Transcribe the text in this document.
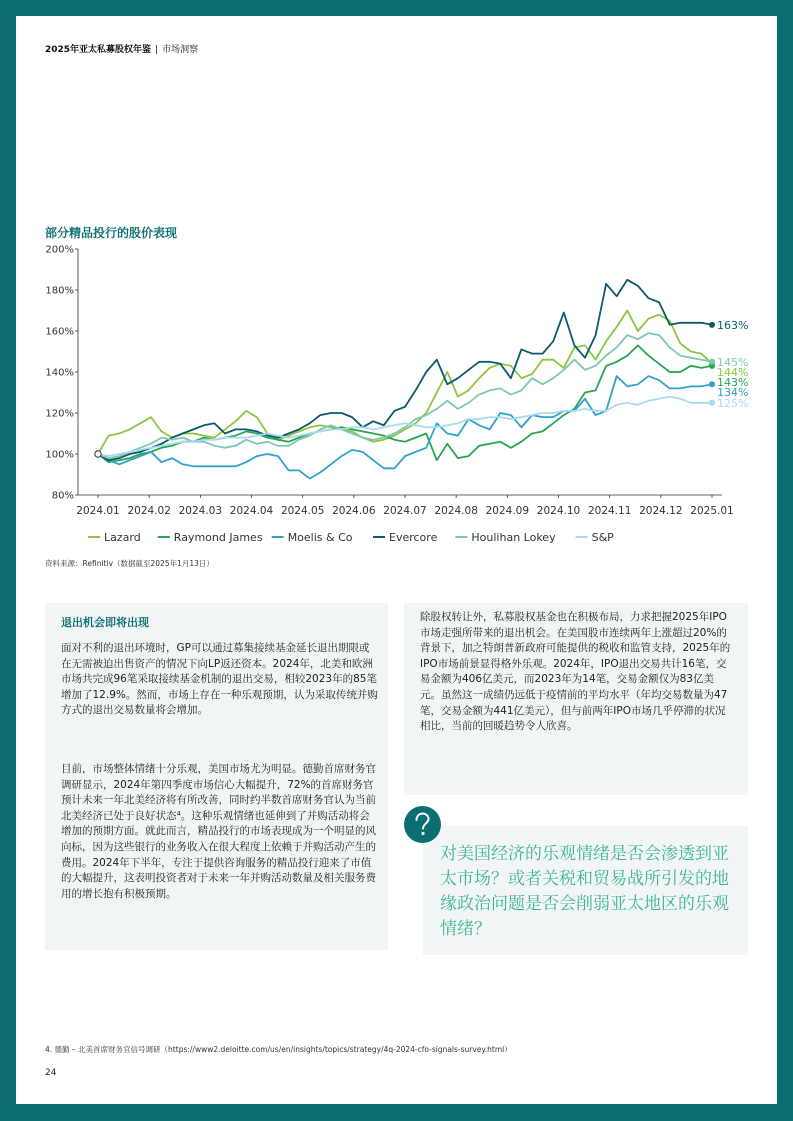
2025年亚太私募股权年鉴 | 市场洞察
部分精品投行的股价表现
80%
100%
120%
140%
160%
180%
200%
2024.01 2024.02 2024.03 2024.04 2024.05 2024.06 2024.07 2024.08 2024.09 2024.10 2024.11 2024.12 2025.01
163%
145%
144%
143%
134%
125%
Lazard	Raymond James Moelis & Co	Evercore	Houlihan Lokey	S&P
资料来源：Refinitiv（数据截至2025年1月13日）
退出机会即将出现
面对不利的退出环境时，GP可以通过募集接续基金延长退出期限或在无需被迫出售资产的情况下向LP返还资本。2024年，北美和欧洲市场共完成96笔采取接续基金机制的退出交易，相较2023年的85笔增加了12.9%。然而，市场上存在一种乐观预期，认为采取传统并购方式的退出交易数量将会增加。
目前，市场整体情绪十分乐观，美国市场尤为明显。德勤首席财务官调研显示，2024年第四季度市场信心大幅提升，72%的首席财务官预计未来一年北美经济将有所改善，同时约半数首席财务官认为当前北美经济已处于良好状态⁴。这种乐观情绪也延伸到了并购活动将会增加的预期方面。就此而言，精品投行的市场表现成为一个明显的风向标，因为这些银行的业务收入在很大程度上依赖于并购活动产生的费用。2024年下半年，专注于提供咨询服务的精品投行迎来了市值的大幅提升，这表明投资者对于未来一年并购活动数量及相关服务费用的增长抱有积极预期。
除股权转让外，私募股权基金也在积极布局，力求把握2025年IPO市场走强所带来的退出机会。在美国股市连续两年上涨超过20%的背景下，加之特朗普新政府可能提供的税收和监管支持，2025年的IPO市场前景显得格外乐观。2024年，IPO退出交易共计16笔，交易金额为406亿美元，而2023年为14笔，交易金额仅为83亿美元。虽然这一成绩仍远低于疫情前的平均水平（年均交易数量为47笔，交易金额为441亿美元），但与前两年IPO市场几乎停滞的状况相比，当前的回暖趋势令人欣喜。
对美国经济的乐观情绪是否会渗透到亚太市场？或者关税和贸易战所引发的地缘政治问题是否会削弱亚太地区的乐观情绪？
4. 德勤 – 北美首席财务官信号调研（https://www2.deloitte.com/us/en/insights/topics/strategy/4q-2024-cfo-signals-survey.html）
24
